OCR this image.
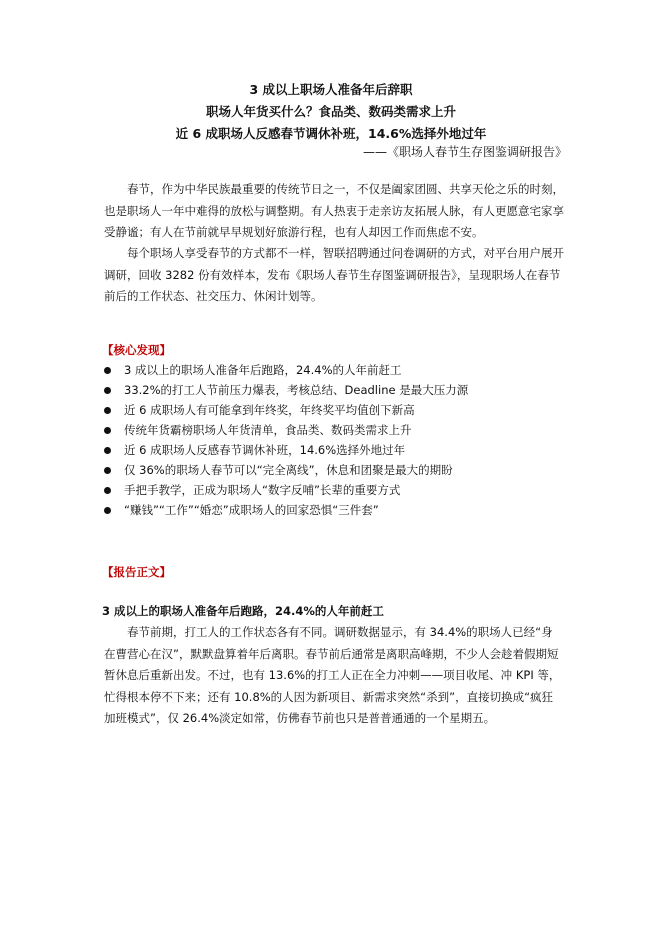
3 成以上职场人准备年后辞职
职场人年货买什么？食品类、数码类需求上升
近 6 成职场人反感春节调休补班，14.6%选择外地过年
——《职场人春节生存图鉴调研报告》

春节，作为中华民族最重要的传统节日之一，不仅是阖家团圆、共享天伦之乐的时刻，也是职场人一年中难得的放松与调整期。有人热衷于走亲访友拓展人脉，有人更愿意宅家享受静谧；有人在节前就早早规划好旅游行程，也有人却因工作而焦虑不安。

每个职场人享受春节的方式都不一样，智联招聘通过问卷调研的方式，对平台用户展开调研，回收 3282 份有效样本，发布《职场人春节生存图鉴调研报告》，呈现职场人在春节前后的工作状态、社交压力、休闲计划等。

【核心发现】
3 成以上的职场人准备年后跑路，24.4%的人年前赶工
33.2%的打工人节前压力爆表，考核总结、Deadline 是最大压力源
近 6 成职场人有可能拿到年终奖，年终奖平均值创下新高
传统年货霸榜职场人年货清单，食品类、数码类需求上升
近 6 成职场人反感春节调休补班，14.6%选择外地过年
仅 36%的职场人春节可以“完全离线”，休息和团聚是最大的期盼
手把手教学，正成为职场人“数字反哺”长辈的重要方式
“赚钱”“工作”“婚恋”成职场人的回家恐惧“三件套”
【报告正文】
3 成以上的职场人准备年后跑路，24.4%的人年前赶工

春节前期，打工人的工作状态各有不同。调研数据显示，有 34.4%的职场人已经“身在曹营心在汉”，默默盘算着年后离职。春节前后通常是离职高峰期，不少人会趁着假期短暂休息后重新出发。不过，也有 13.6%的打工人正在全力冲刺——项目收尾、冲 KPI 等，忙得根本停不下来；还有 10.8%的人因为新项目、新需求突然“杀到”，直接切换成“疯狂加班模式”，仅 26.4%淡定如常，仿佛春节前也只是普普通通的一个星期五。
